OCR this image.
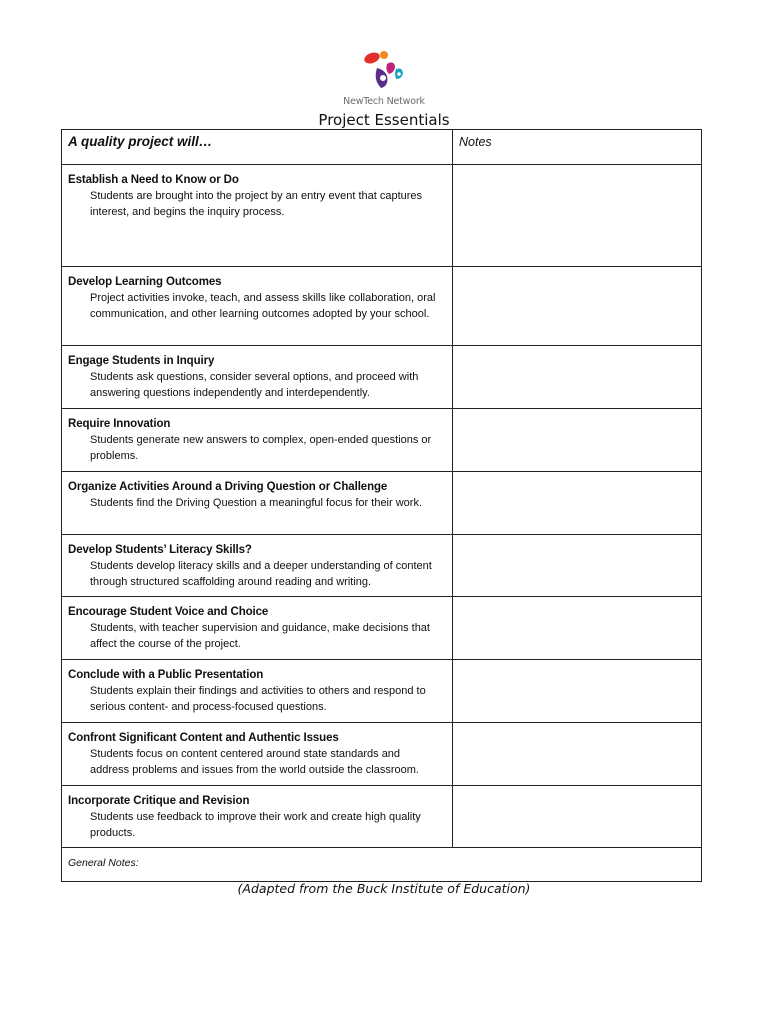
NewTech Network
Project Essentials
A quality project will…	Notes

Establish a Need to Know or Do
Students are brought into the project by an entry event that captures interest, and begins the inquiry process.	

Develop Learning Outcomes
Project activities invoke, teach, and assess skills like collaboration, oral communication, and other learning outcomes adopted by your school.	

Engage Students in Inquiry
Students ask questions, consider several options, and proceed with answering questions independently and interdependently.	

Require Innovation
Students generate new answers to complex, open-ended questions or problems.	

Organize Activities Around a Driving Question or Challenge
Students find the Driving Question a meaningful focus for their work.	

Develop Students’ Literacy Skills?
Students develop literacy skills and a deeper understanding of content through structured scaffolding around reading and writing.	

Encourage Student Voice and Choice
Students, with teacher supervision and guidance, make decisions that affect the course of the project.	

Conclude with a Public Presentation
Students explain their findings and activities to others and respond to serious content- and process-focused questions.	

Confront Significant Content and Authentic Issues
Students focus on content centered around state standards and address problems and issues from the world outside the classroom.	

Incorporate Critique and Revision
Students use feedback to improve their work and create high quality products.	

General Notes:	
(Adapted from the Buck Institute of Education)
